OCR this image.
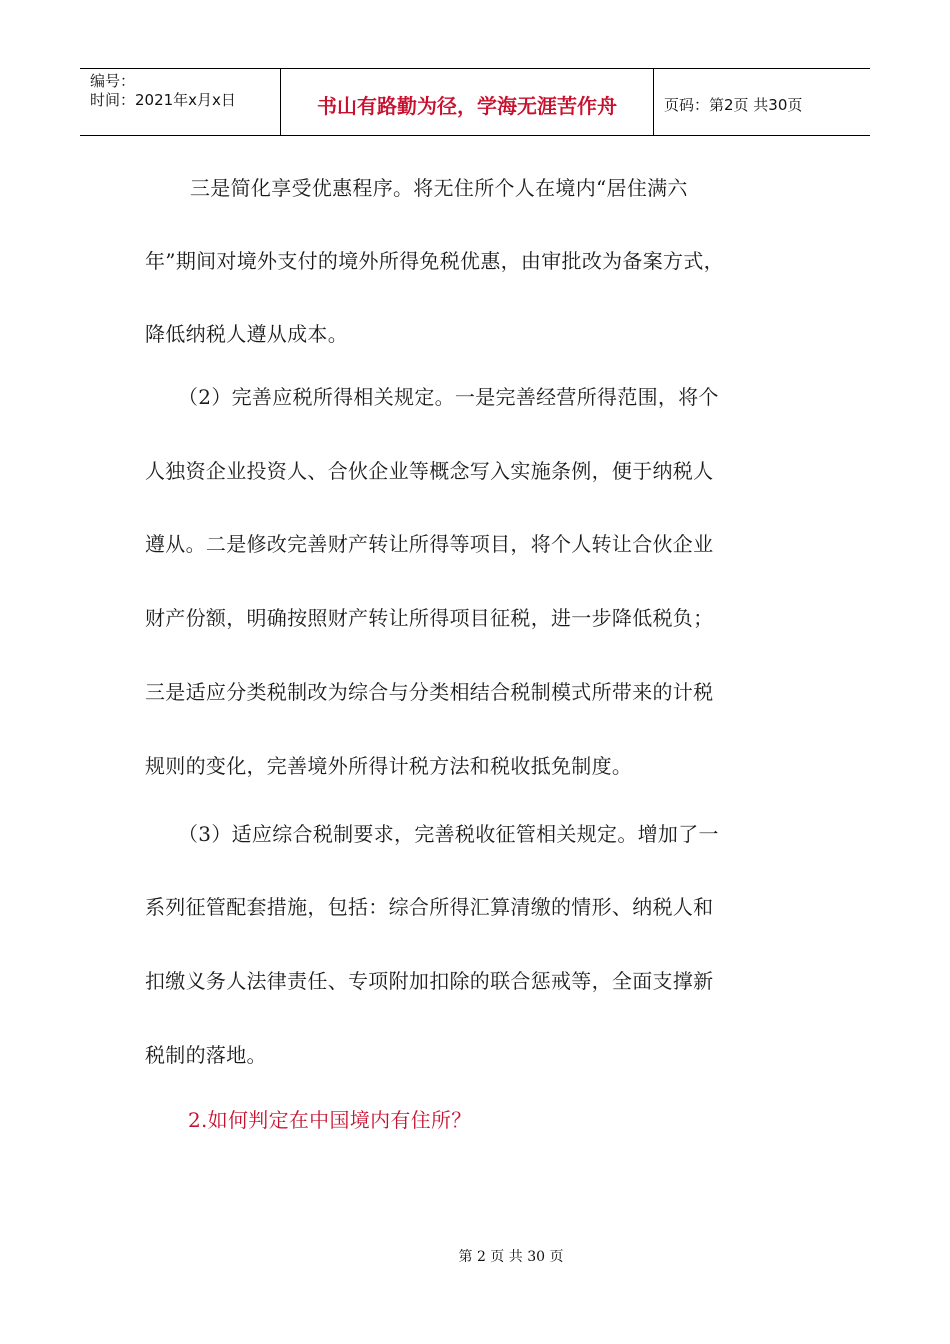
编号：
时间：2021年x月x日	书山有路勤为径，学海无涯苦作舟	页码：第2页 共30页

三是简化享受优惠程序。将无住所个人在境内“居住满六

年”期间对境外支付的境外所得免税优惠，由审批改为备案方式，

降低纳税人遵从成本。

（2）完善应税所得相关规定。一是完善经营所得范围，将个

人独资企业投资人、合伙企业等概念写入实施条例，便于纳税人

遵从。二是修改完善财产转让所得等项目，将个人转让合伙企业

财产份额，明确按照财产转让所得项目征税，进一步降低税负；

三是适应分类税制改为综合与分类相结合税制模式所带来的计税

规则的变化，完善境外所得计税方法和税收抵免制度。

（3）适应综合税制要求，完善税收征管相关规定。增加了一

系列征管配套措施，包括：综合所得汇算清缴的情形、纳税人和

扣缴义务人法律责任、专项附加扣除的联合惩戒等，全面支撑新

税制的落地。

2.如何判定在中国境内有住所？

第 2 页 共 30 页
